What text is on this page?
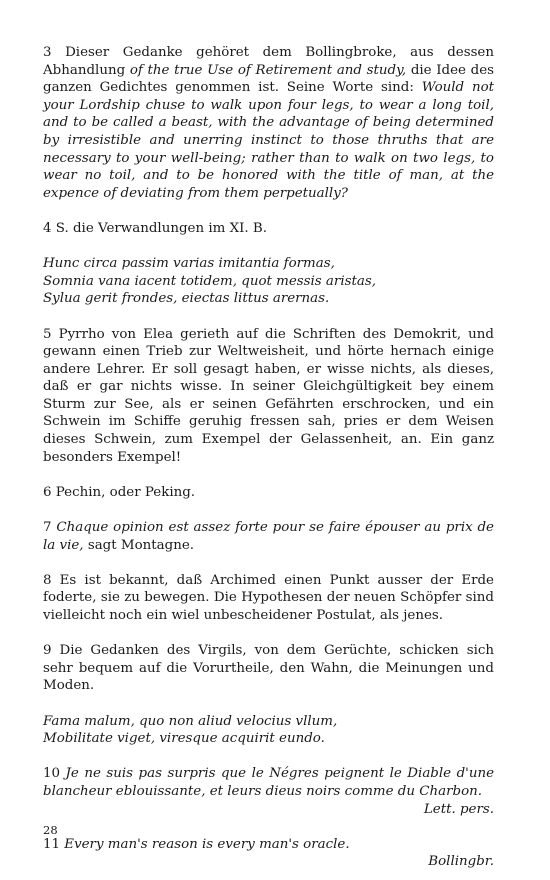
3 Dieser Gedanke gehöret dem Bollingbroke, aus dessen Abhandlung of the true Use of Retirement and study, die Idee des ganzen Gedichtes genommen ist. Seine Worte sind: Would not your Lordship chuse to walk upon four legs, to wear a long toil, and to be called a beast, with the advantage of being determined by irresistible and unerring instinct to those thruths that are necessary to your well-being; rather than to walk on two legs, to wear no toil, and to be honored with the title of man, at the expence of deviating from them perpetually?

4 S. die Verwandlungen im XI. B.

Hunc circa passim varias imitantia formas,

Somnia vana iacent totidem, quot messis aristas,

Sylua gerit frondes, eiectas littus arernas.

5 Pyrrho von Elea gerieth auf die Schriften des Demokrit, und gewann einen Trieb zur Weltweisheit, und hörte hernach einige andere Lehrer. Er soll gesagt haben, er wisse nichts, als dieses, daß er gar nichts wisse. In seiner Gleichgültigkeit bey einem Sturm zur See, als er seinen Gefährten erschrocken, und ein Schwein im Schiffe geruhig fressen sah, pries er dem Weisen dieses Schwein, zum Exempel der Gelassenheit, an. Ein ganz besonders Exempel!

6 Pechin, oder Peking.

7 Chaque opinion est assez forte pour se faire épouser au prix de la vie, sagt Montagne.

8 Es ist bekannt, daß Archimed einen Punkt ausser der Erde foderte, sie zu bewegen. Die Hypothesen der neuen Schöpfer sind vielleicht noch ein wiel unbescheidener Postulat, als jenes.

9 Die Gedanken des Virgils, von dem Gerüchte, schicken sich sehr bequem auf die Vorurtheile, den Wahn, die Meinungen und Moden.

Fama malum, quo non aliud velocius vllum,

Mobilitate viget, viresque acquirit eundo.

10 Je ne suis pas surpris que le Négres peignent le Diable d'une blancheur eblouissante, et leurs dieus noirs comme du Charbon.

Lett. pers.

11 Every man's reason is every man's oracle.

Bollingbr.

28
